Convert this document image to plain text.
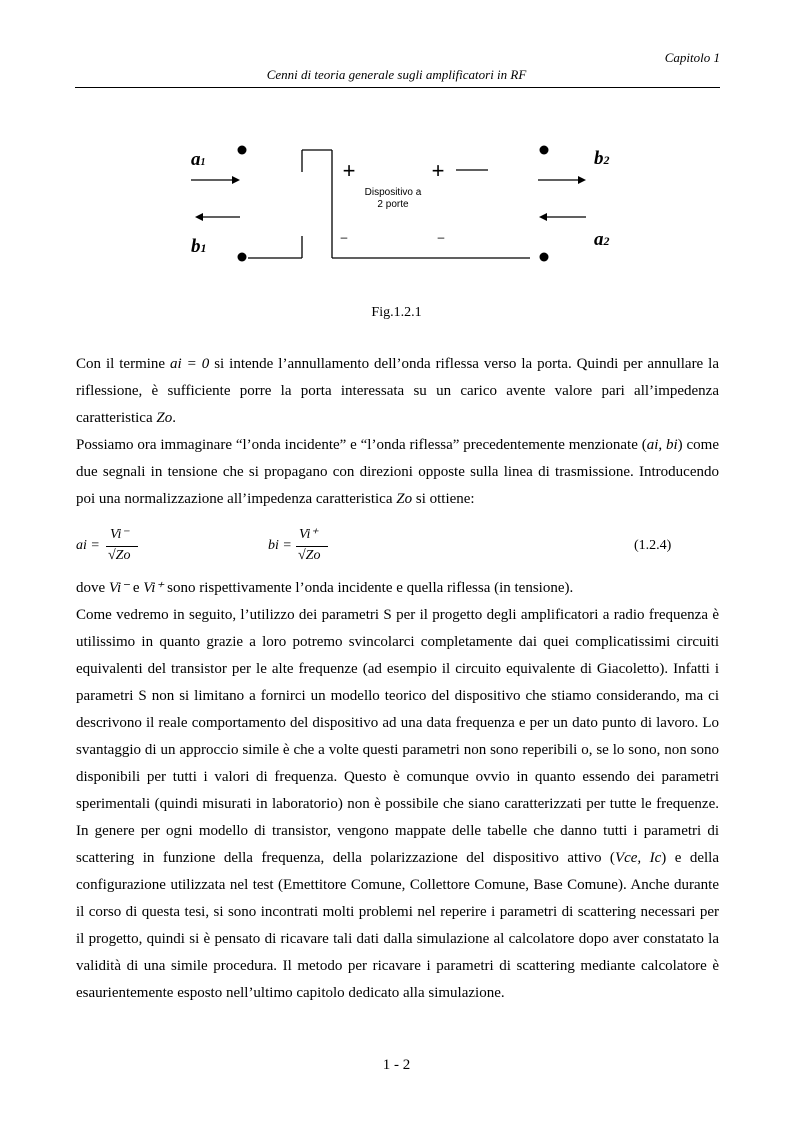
Capitolo 1
Cenni di teoria generale sugli amplificatori in RF
+	+
–	–
Dispositivo a
2 porte
a1
b1
b2
a2
Fig.1.2.1
Con il termine ai = 0 si intende l’annullamento dell’onda riflessa verso la porta. Quindi per annullare la riflessione, è sufficiente porre la porta interessata su un carico avente valore pari all’impedenza caratteristica Zo.
Possiamo ora immaginare “l’onda incidente” e “l’onda riflessa” precedentemente menzionate (ai, bi) come due segnali in tensione che si propagano con direzioni opposte sulla linea di trasmissione. Introducendo poi una normalizzazione all’impedenza caratteristica Zo si ottiene:
ai =
Vi⁻
√Zo
bi =
Vi⁺
√Zo
(1.2.4)
dove Vi⁻ e Vi⁺ sono rispettivamente l’onda incidente e quella riflessa (in tensione).
Come vedremo in seguito, l’utilizzo dei parametri S per il progetto degli amplificatori a radio frequenza è utilissimo in quanto grazie a loro potremo svincolarci completamente dai quei complicatissimi circuiti equivalenti del transistor per le alte frequenze (ad esempio il circuito equivalente di Giacoletto). Infatti i parametri S non si limitano a fornirci un modello teorico del dispositivo che stiamo considerando, ma ci descrivono il reale comportamento del dispositivo ad una data frequenza e per un dato punto di lavoro. Lo svantaggio di un approccio simile è che a volte questi parametri non sono reperibili o, se lo sono, non sono disponibili per tutti i valori di frequenza. Questo è comunque ovvio in quanto essendo dei parametri sperimentali (quindi misurati in laboratorio) non è possibile che siano caratterizzati per tutte le frequenze. In genere per ogni modello di transistor, vengono mappate delle tabelle che danno tutti i parametri di scattering in funzione della frequenza, della polarizzazione del dispositivo attivo (Vce, Ic) e della configurazione utilizzata nel test (Emettitore Comune, Collettore Comune, Base Comune). Anche durante il corso di questa tesi, si sono incontrati molti problemi nel reperire i parametri di scattering necessari per il progetto, quindi si è pensato di ricavare tali dati dalla simulazione al calcolatore dopo aver constatato la validità di una simile procedura. Il metodo per ricavare i parametri di scattering mediante calcolatore è esaurientemente esposto nell’ultimo capitolo dedicato alla simulazione.
1 - 2
